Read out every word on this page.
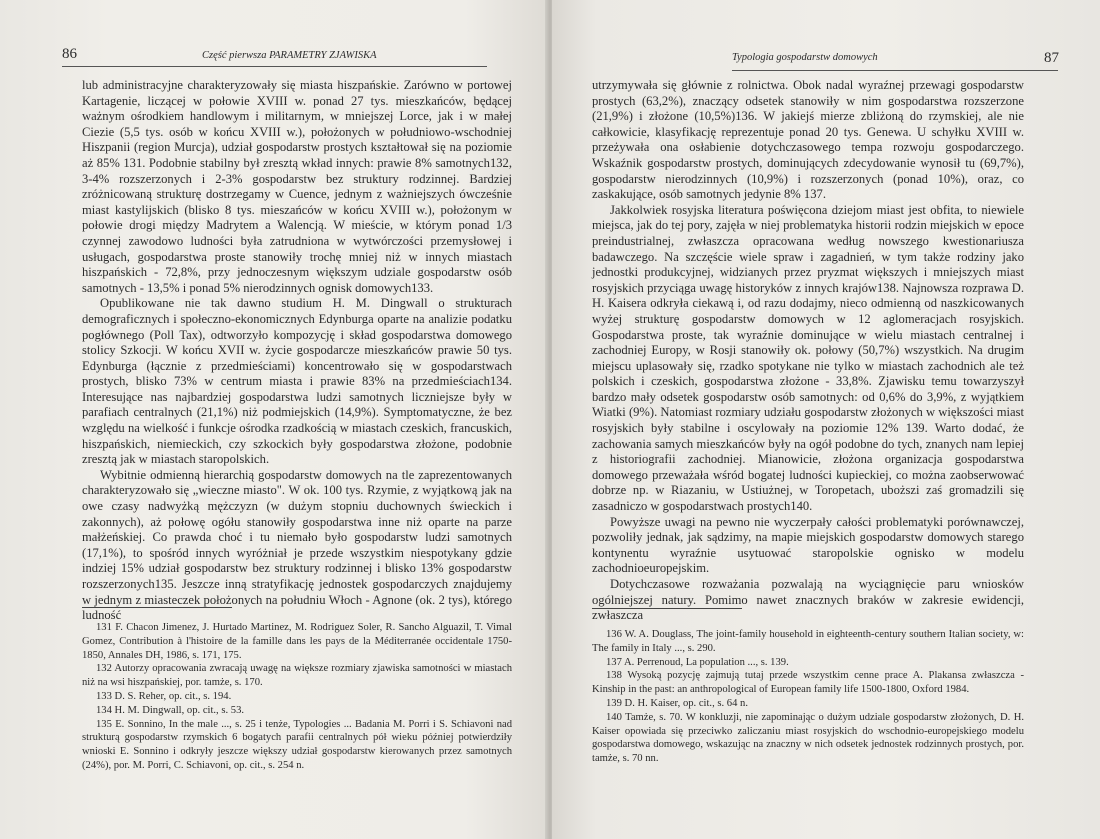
86	Część pierwsza PARAMETRY ZJAWISKA

lub administracyjne charakteryzowały się miasta hiszpańskie. Zarówno w portowej Kartagenie, liczącej w połowie XVIII w. ponad 27 tys. mieszkańców, będącej ważnym ośrodkiem handlowym i militarnym, w mniejszej Lorce, jak i w małej Ciezie (5,5 tys. osób w końcu XVIII w.), położonych w południowo-wschodniej Hiszpanii (region Murcja), udział gospodarstw prostych kształtował się na poziomie aż 85% 131. Podobnie stabilny był zresztą wkład innych: prawie 8% samotnych132, 3-4% rozszerzonych i 2-3% gospodarstw bez struktury rodzinnej. Bardziej zróżnicowaną strukturę dostrzegamy w Cuence, jednym z ważniejszych ówcześnie miast kastylijskich (blisko 8 tys. mieszańców w końcu XVIII w.), położonym w połowie drogi między Madrytem a Walencją. W mieście, w którym ponad 1/3 czynnej zawodowo ludności była zatrudniona w wytwórczości przemysłowej i usługach, gospodarstwa proste stanowiły trochę mniej niż w innych miastach hiszpańskich - 72,8%, przy jednoczesnym większym udziale gospodarstw osób samotnych - 13,5% i ponad 5% nierodzinnych ognisk domowych133.

Opublikowane nie tak dawno studium H. M. Dingwall o strukturach demograficznych i społeczno-ekonomicznych Edynburga oparte na analizie podatku pogłównego (Poll Tax), odtworzyło kompozycję i skład gospodarstwa domowego stolicy Szkocji. W końcu XVII w. życie gospodarcze mieszkańców prawie 50 tys. Edynburga (łącznie z przedmieściami) koncentrowało się w gospodarstwach prostych, blisko 73% w centrum miasta i prawie 83% na przedmieściach134. Interesujące nas najbardziej gospodarstwa ludzi samotnych liczniejsze były w parafiach centralnych (21,1%) niż podmiejskich (14,9%). Symptomatyczne, że bez względu na wielkość i funkcje ośrodka rzadkością w miastach czeskich, francuskich, hiszpańskich, niemieckich, czy szkockich były gospodarstwa złożone, podobnie zresztą jak w miastach staropolskich.

Wybitnie odmienną hierarchią gospodarstw domowych na tle zaprezentowanych charakteryzowało się „wieczne miasto". W ok. 100 tys. Rzymie, z wyjątkową jak na owe czasy nadwyżką mężczyzn (w dużym stopniu duchownych świeckich i zakonnych), aż połowę ogółu stanowiły gospodarstwa inne niż oparte na parze małżeńskiej. Co prawda choć i tu niemało było gospodarstw ludzi samotnych (17,1%), to spośród innych wyróżniał je przede wszystkim niespotykany gdzie indziej 15% udział gospodarstw bez struktury rodzinnej i blisko 13% gospodarstw rozszerzonych135. Jeszcze inną stratyfikację jednostek gospodarczych znajdujemy w jednym z miasteczek położonych na południu Włoch - Agnone (ok. 2 tys), którego ludność

131 F. Chacon Jimenez, J. Hurtado Martinez, M. Rodriguez Soler, R. Sancho Alguazil, T. Vimal Gomez, Contribution à l'histoire de la famille dans les pays de la Méditerranée occidentale 1750-1850, Annales DH, 1986, s. 171, 175.

132 Autorzy opracowania zwracają uwagę na większe rozmiary zjawiska samotności w miastach niż na wsi hiszpańskiej, por. tamże, s. 170.

133 D. S. Reher, op. cit., s. 194.

134 H. M. Dingwall, op. cit., s. 53.

135 E. Sonnino, In the male ..., s. 25 i tenże, Typologies ... Badania M. Porri i S. Schiavoni nad strukturą gospodarstw rzymskich 6 bogatych parafii centralnych pół wieku później potwierdziły wnioski E. Sonnino i odkryły jeszcze większy udział gospodarstw kierowanych przez samotnych (24%), por. M. Porri, C. Schiavoni, op. cit., s. 254 n.

Typologia gospodarstw domowych	87

utrzymywała się głównie z rolnictwa. Obok nadal wyraźnej przewagi gospodarstw prostych (63,2%), znaczący odsetek stanowiły w nim gospodarstwa rozszerzone (21,9%) i złożone (10,5%)136. W jakiejś mierze zbliżoną do rzymskiej, ale nie całkowicie, klasyfikację reprezentuje ponad 20 tys. Genewa. U schyłku XVIII w. przeżywała ona osłabienie dotychczasowego tempa rozwoju gospodarczego. Wskaźnik gospodarstw prostych, dominujących zdecydowanie wynosił tu (69,7%), gospodarstw nierodzinnych (10,9%) i rozszerzonych (ponad 10%), oraz, co zaskakujące, osób samotnych jedynie 8% 137.

Jakkolwiek rosyjska literatura poświęcona dziejom miast jest obfita, to niewiele miejsca, jak do tej pory, zajęła w niej problematyka historii rodzin miejskich w epoce preindustrialnej, zwłaszcza opracowana według nowszego kwestionariusza badawczego. Na szczęście wiele spraw i zagadnień, w tym także rodziny jako jednostki produkcyjnej, widzianych przez pryzmat większych i mniejszych miast rosyjskich przyciąga uwagę historyków z innych krajów138. Najnowsza rozprawa D. H. Kaisera odkryła ciekawą i, od razu dodajmy, nieco odmienną od naszkicowanych wyżej strukturę gospodarstw domowych w 12 aglomeracjach rosyjskich. Gospodarstwa proste, tak wyraźnie dominujące w wielu miastach centralnej i zachodniej Europy, w Rosji stanowiły ok. połowy (50,7%) wszystkich. Na drugim miejscu uplasowały się, rzadko spotykane nie tylko w miastach zachodnich ale też polskich i czeskich, gospodarstwa złożone - 33,8%. Zjawisku temu towarzyszył bardzo mały odsetek gospodarstw osób samotnych: od 0,6% do 3,9%, z wyjątkiem Wiatki (9%). Natomiast rozmiary udziału gospodarstw złożonych w większości miast rosyjskich były stabilne i oscylowały na poziomie 12% 139. Warto dodać, że zachowania samych mieszkańców były na ogół podobne do tych, znanych nam lepiej z historiografii zachodniej. Mianowicie, złożona organizacja gospodarstwa domowego przeważała wśród bogatej ludności kupieckiej, co można zaobserwować dobrze np. w Riazaniu, w Ustiużnej, w Toropetach, uboższi zaś gromadzili się zasadniczo w gospodarstwach prostych140.

Powyższe uwagi na pewno nie wyczerpały całości problematyki porównawczej, pozwoliły jednak, jak sądzimy, na mapie miejskich gospodarstw domowych starego kontynentu wyraźnie usytuować staropolskie ognisko w modelu zachodnioeuropejskim.

Dotychczasowe rozważania pozwalają na wyciągnięcie paru wniosków ogólniejszej natury. Pomimo nawet znacznych braków w zakresie ewidencji, zwłaszcza

136 W. A. Douglass, The joint-family household in eighteenth-century southern Italian society, w: The family in Italy ..., s. 290.

137 A. Perrenoud, La population ..., s. 139.

138 Wysoką pozycję zajmują tutaj przede wszystkim cenne prace A. Plakansa zwłaszcza - Kinship in the past: an anthropological of European family life 1500-1800, Oxford 1984.

139 D. H. Kaiser, op. cit., s. 64 n.

140 Tamże, s. 70. W konkluzji, nie zapominając o dużym udziale gospodarstw złożonych, D. H. Kaiser opowiada się przeciwko zaliczaniu miast rosyjskich do wschodnio-europejskiego modelu gospodarstwa domowego, wskazując na znaczny w nich odsetek jednostek rodzinnych prostych, por. tamże, s. 70 nn.
